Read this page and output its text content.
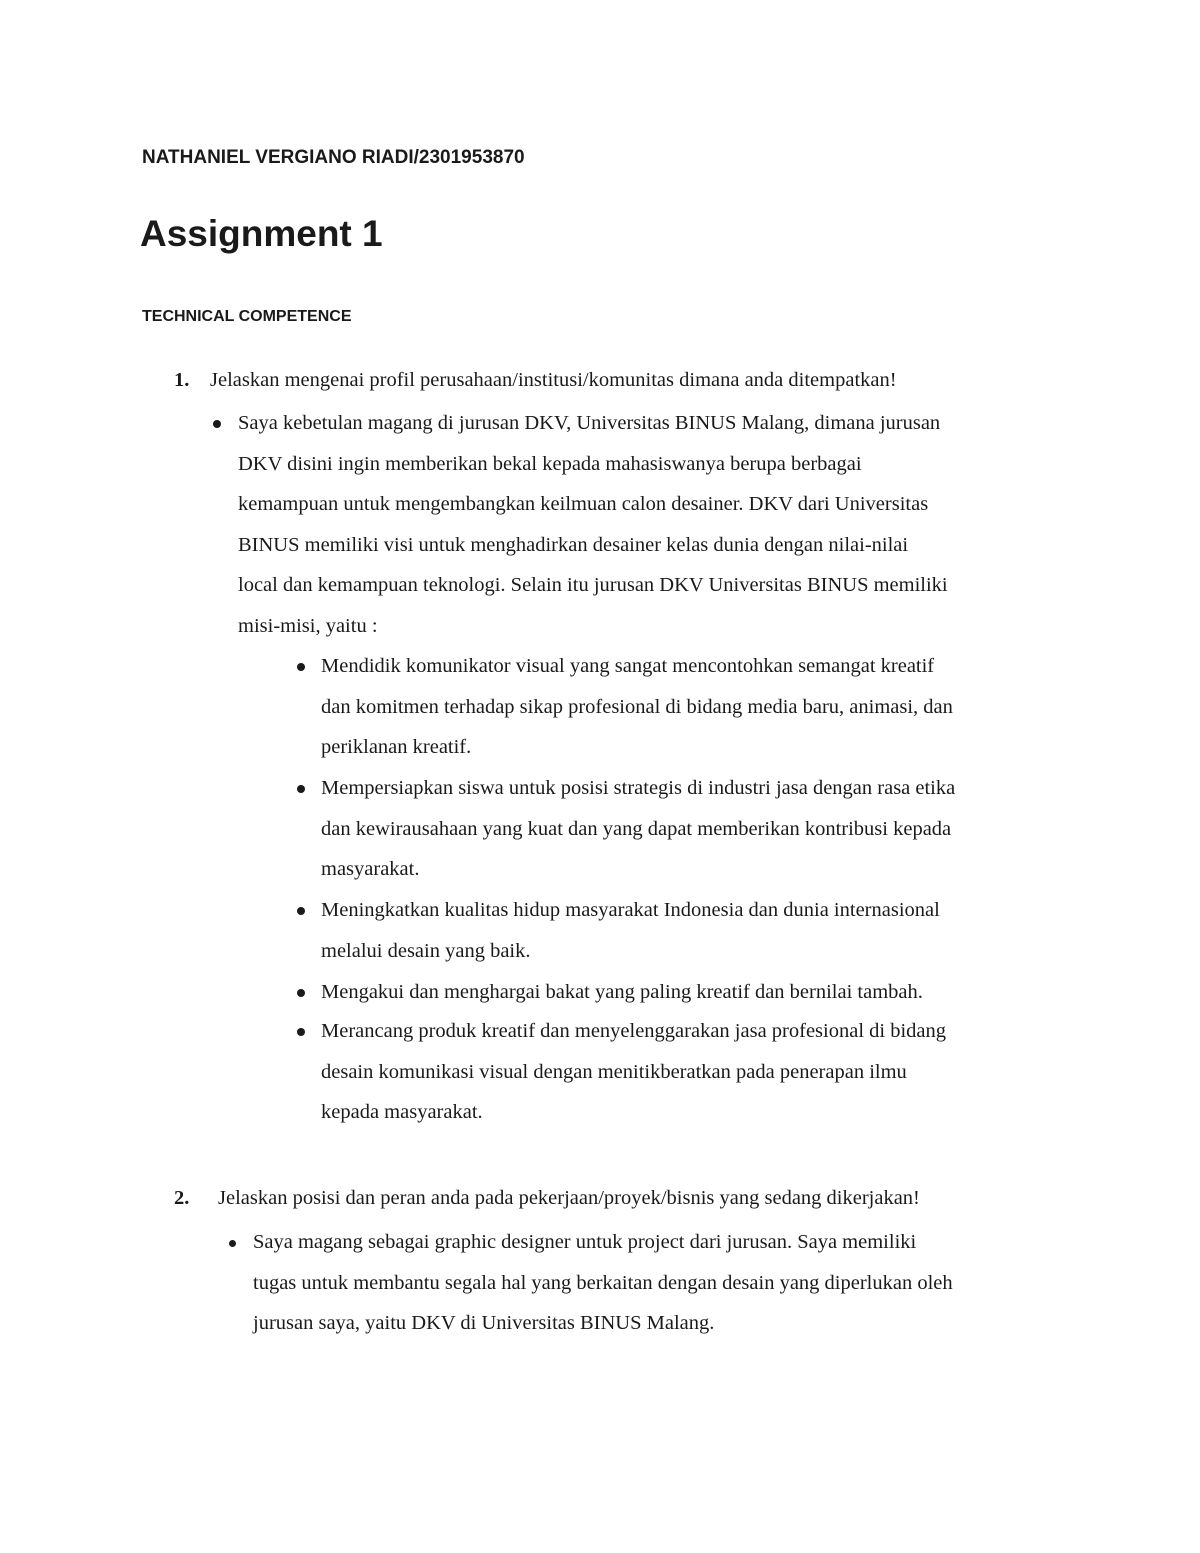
NATHANIEL VERGIANO RIADI/2301953870
Assignment 1
TECHNICAL COMPETENCE
1. Jelaskan mengenai profil perusahaan/institusi/komunitas dimana anda ditempatkan!
Saya kebetulan magang di jurusan DKV, Universitas BINUS Malang, dimana jurusan
DKV disini ingin memberikan bekal kepada mahasiswanya berupa berbagai
kemampuan untuk mengembangkan keilmuan calon desainer. DKV dari Universitas
BINUS memiliki visi untuk menghadirkan desainer kelas dunia dengan nilai-nilai
local dan kemampuan teknologi. Selain itu jurusan DKV Universitas BINUS memiliki
misi-misi, yaitu :
Mendidik komunikator visual yang sangat mencontohkan semangat kreatif
dan komitmen terhadap sikap profesional di bidang media baru, animasi, dan
periklanan kreatif.
Mempersiapkan siswa untuk posisi strategis di industri jasa dengan rasa etika
dan kewirausahaan yang kuat dan yang dapat memberikan kontribusi kepada
masyarakat.
Meningkatkan kualitas hidup masyarakat Indonesia dan dunia internasional
melalui desain yang baik.
Mengakui dan menghargai bakat yang paling kreatif dan bernilai tambah.
Merancang produk kreatif dan menyelenggarakan jasa profesional di bidang
desain komunikasi visual dengan menitikberatkan pada penerapan ilmu
kepada masyarakat.
2. Jelaskan posisi dan peran anda pada pekerjaan/proyek/bisnis yang sedang dikerjakan!
Saya magang sebagai graphic designer untuk project dari jurusan. Saya memiliki
tugas untuk membantu segala hal yang berkaitan dengan desain yang diperlukan oleh
jurusan saya, yaitu DKV di Universitas BINUS Malang.
